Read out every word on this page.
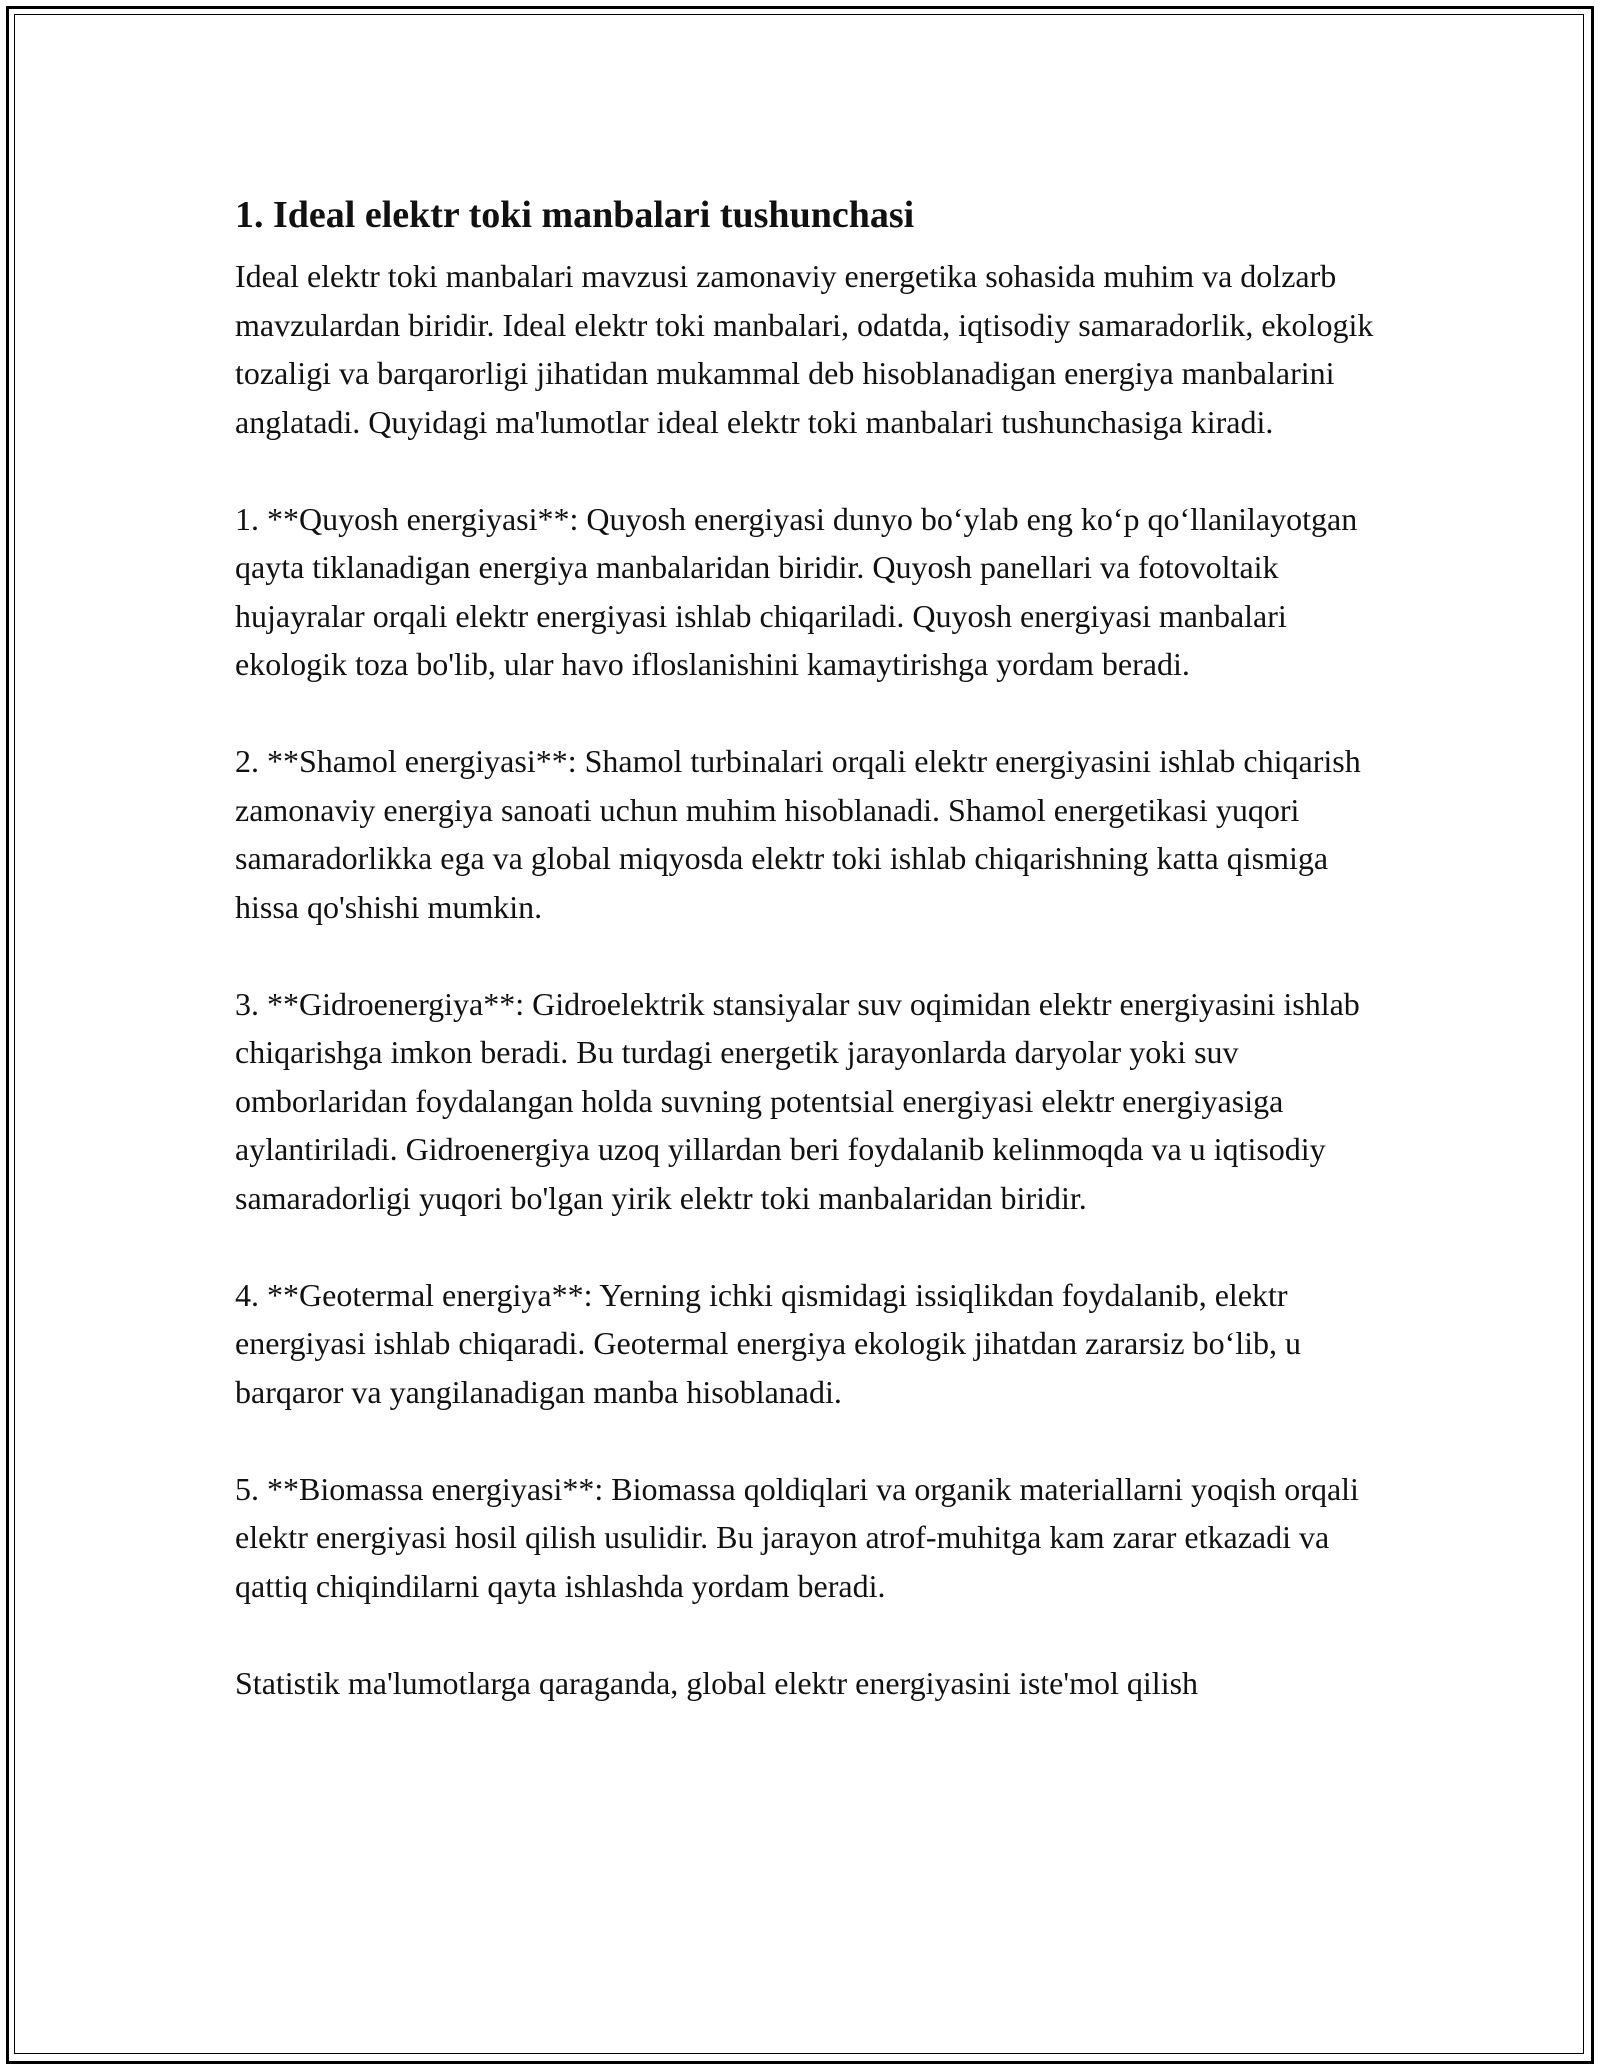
1. Ideal elektr toki manbalari tushunchasi

Ideal elektr toki manbalari mavzusi zamonaviy energetika sohasida muhim va dolzarb mavzulardan biridir. Ideal elektr toki manbalari, odatda, iqtisodiy samaradorlik, ekologik tozaligi va barqarorligi jihatidan mukammal deb hisoblanadigan energiya manbalarini anglatadi. Quyidagi ma'lumotlar ideal elektr toki manbalari tushunchasiga kiradi.

1. **Quyosh energiyasi**: Quyosh energiyasi dunyo bo‘ylab eng ko‘p qo‘llanilayotgan qayta tiklanadigan energiya manbalaridan biridir. Quyosh panellari va fotovoltaik hujayralar orqali elektr energiyasi ishlab chiqariladi. Quyosh energiyasi manbalari ekologik toza bo'lib, ular havo ifloslanishini kamaytirishga yordam beradi.

2. **Shamol energiyasi**: Shamol turbinalari orqali elektr energiyasini ishlab chiqarish zamonaviy energiya sanoati uchun muhim hisoblanadi. Shamol energetikasi yuqori samaradorlikka ega va global miqyosda elektr toki ishlab chiqarishning katta qismiga hissa qo'shishi mumkin.

3. **Gidroenergiya**: Gidroelektrik stansiyalar suv oqimidan elektr energiyasini ishlab chiqarishga imkon beradi. Bu turdagi energetik jarayonlarda daryolar yoki suv omborlaridan foydalangan holda suvning potentsial energiyasi elektr energiyasiga aylantiriladi. Gidroenergiya uzoq yillardan beri foydalanib kelinmoqda va u iqtisodiy samaradorligi yuqori bo'lgan yirik elektr toki manbalaridan biridir.

4. **Geotermal energiya**: Yerning ichki qismidagi issiqlikdan foydalanib, elektr energiyasi ishlab chiqaradi. Geotermal energiya ekologik jihatdan zararsiz bo‘lib, u barqaror va yangilanadigan manba hisoblanadi.

5. **Biomassa energiyasi**: Biomassa qoldiqlari va organik materiallarni yoqish orqali elektr energiyasi hosil qilish usulidir. Bu jarayon atrof-muhitga kam zarar etkazadi va qattiq chiqindilarni qayta ishlashda yordam beradi.

Statistik ma'lumotlarga qaraganda, global elektr energiyasini iste'mol qilish
